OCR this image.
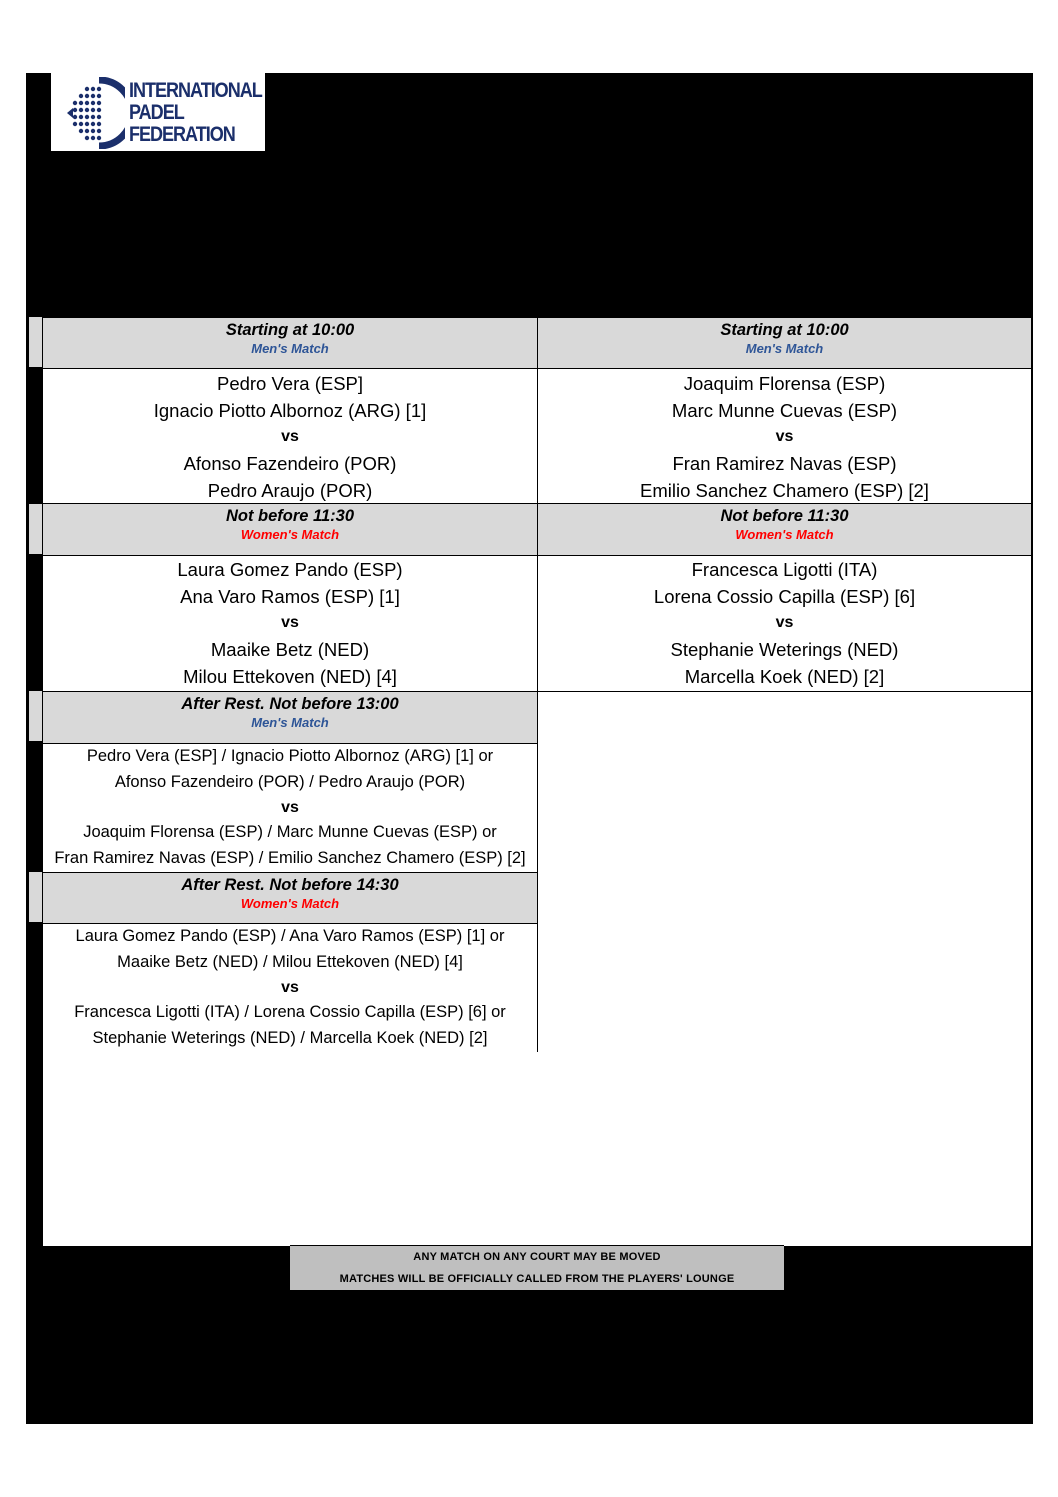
INTERNATIONAL
PADEL
FEDERATION
Starting at 10:00
Men's Match
Pedro Vera (ESP]
Ignacio Piotto Albornoz (ARG) [1]
vs
Afonso Fazendeiro (POR)
Pedro Araujo (POR)
Not before 11:30
Women's Match
Laura Gomez Pando (ESP)
Ana Varo Ramos (ESP) [1]
vs
Maaike Betz (NED)
Milou Ettekoven (NED) [4]
After Rest. Not before 13:00
Men's Match
Pedro Vera (ESP] / Ignacio Piotto Albornoz (ARG) [1] or
Afonso Fazendeiro (POR) / Pedro Araujo (POR)
vs
Joaquim Florensa (ESP) / Marc Munne Cuevas (ESP) or
Fran Ramirez Navas (ESP) / Emilio Sanchez Chamero (ESP) [2]
After Rest. Not before 14:30
Women's Match
Laura Gomez Pando (ESP) / Ana Varo Ramos (ESP) [1] or
Maaike Betz (NED) / Milou Ettekoven (NED) [4]
vs
Francesca Ligotti (ITA) / Lorena Cossio Capilla (ESP) [6] or
Stephanie Weterings (NED) / Marcella Koek (NED) [2]
Starting at 10:00
Men's Match
Joaquim Florensa (ESP)
Marc Munne Cuevas (ESP)
vs
Fran Ramirez Navas (ESP)
Emilio Sanchez Chamero (ESP) [2]
Not before 11:30
Women's Match
Francesca Ligotti (ITA)
Lorena Cossio Capilla (ESP) [6]
vs
Stephanie Weterings (NED)
Marcella Koek (NED) [2]
ANY MATCH ON ANY COURT MAY BE MOVED
MATCHES WILL BE OFFICIALLY CALLED FROM THE PLAYERS' LOUNGE
